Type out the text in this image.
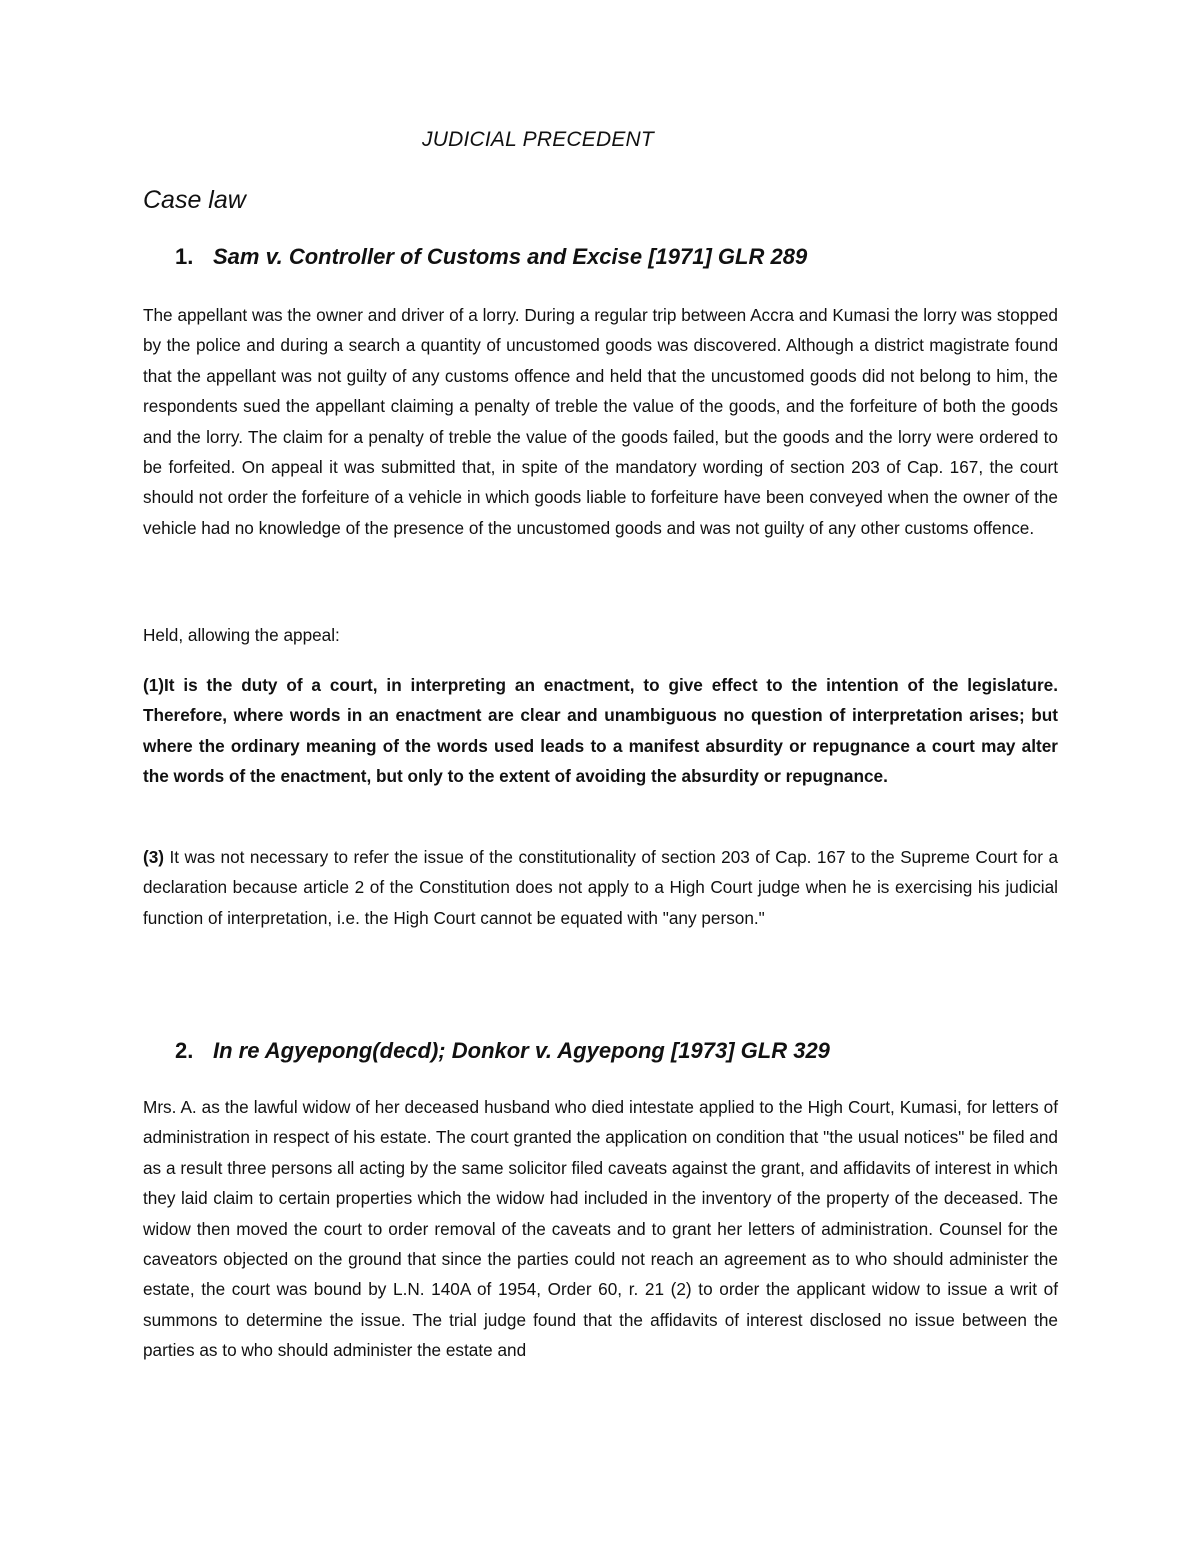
JUDICIAL PRECEDENT
Case law
1. Sam v. Controller of Customs and Excise [1971] GLR 289

The appellant was the owner and driver of a lorry. During a regular trip between Accra and Kumasi the lorry was stopped by the police and during a search a quantity of uncustomed goods was discovered. Although a district magistrate found that the appellant was not guilty of any customs offence and held that the uncustomed goods did not belong to him, the respondents sued the appellant claiming a penalty of treble the value of the goods, and the forfeiture of both the goods and the lorry. The claim for a penalty of treble the value of the goods failed, but the goods and the lorry were ordered to be forfeited. On appeal it was submitted that, in spite of the mandatory wording of section 203 of Cap. 167, the court should not order the forfeiture of a vehicle in which goods liable to forfeiture have been conveyed when the owner of the vehicle had no knowledge of the presence of the uncustomed goods and was not guilty of any other customs offence.

Held, allowing the appeal:

(1)It is the duty of a court, in interpreting an enactment, to give effect to the intention of the legislature. Therefore, where words in an enactment are clear and unambiguous no question of interpretation arises; but where the ordinary meaning of the words used leads to a manifest absurdity or repugnance a court may alter the words of the enactment, but only to the extent of avoiding the absurdity or repugnance.

(3) It was not necessary to refer the issue of the constitutionality of section 203 of Cap. 167 to the Supreme Court for a declaration because article 2 of the Constitution does not apply to a High Court judge when he is exercising his judicial function of interpretation, i.e. the High Court cannot be equated with "any person."

2. In re Agyepong(decd); Donkor v. Agyepong [1973] GLR 329

Mrs. A. as the lawful widow of her deceased husband who died intestate applied to the High Court, Kumasi, for letters of administration in respect of his estate. The court granted the application on condition that "the usual notices" be filed and as a result three persons all acting by the same solicitor filed caveats against the grant, and affidavits of interest in which they laid claim to certain properties which the widow had included in the inventory of the property of the deceased. The widow then moved the court to order removal of the caveats and to grant her letters of administration. Counsel for the caveators objected on the ground that since the parties could not reach an agreement as to who should administer the estate, the court was bound by L.N. 140A of 1954, Order 60, r. 21 (2) to order the applicant widow to issue a writ of summons to determine the issue. The trial judge found that the affidavits of interest disclosed no issue between the parties as to who should administer the estate and
